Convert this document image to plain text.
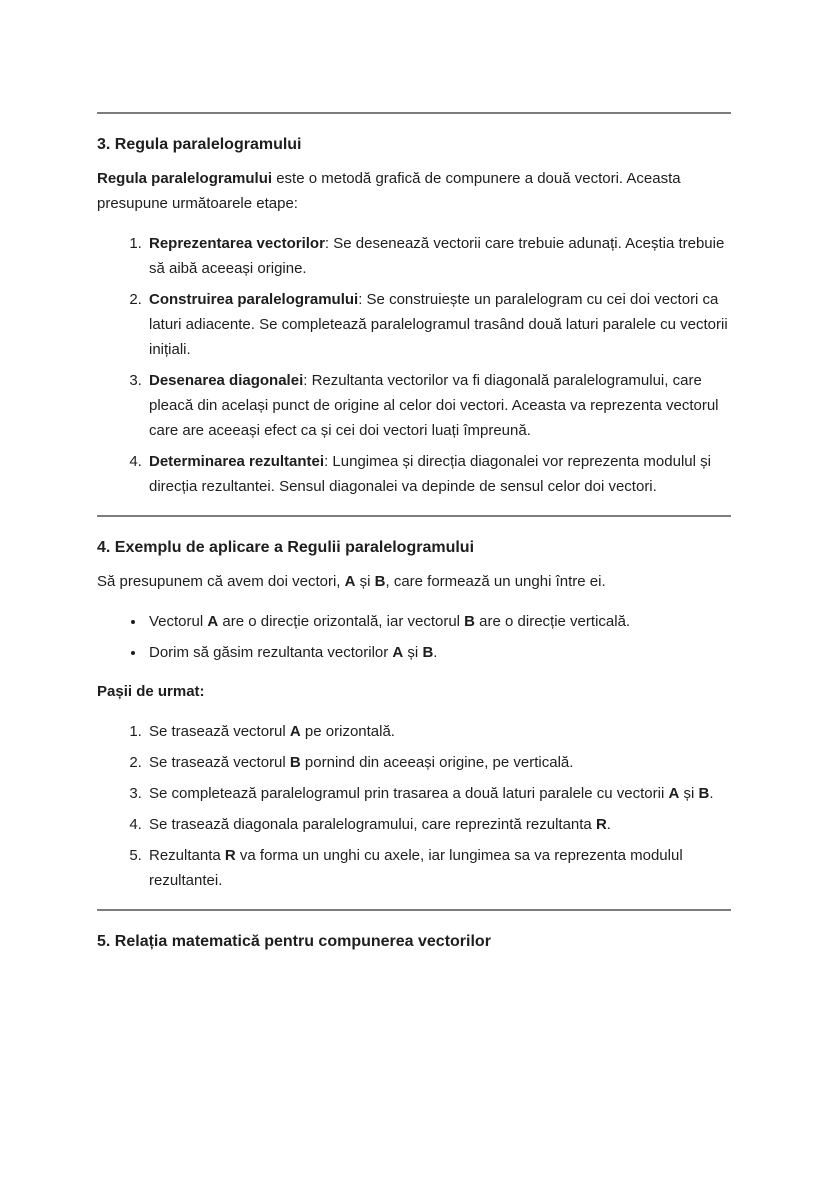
3. Regula paralelogramului

Regula paralelogramului este o metodă grafică de compunere a două vectori. Aceasta presupune următoarele etape:

1. Reprezentarea vectorilor: Se desenează vectorii care trebuie adunați. Aceștia trebuie să aibă aceeași origine.
2. Construirea paralelogramului: Se construiește un paralelogram cu cei doi vectori ca laturi adiacente. Se completează paralelogramul trasând două laturi paralele cu vectorii inițiali.
3. Desenarea diagonalei: Rezultanta vectorilor va fi diagonală paralelogramului, care pleacă din același punct de origine al celor doi vectori. Aceasta va reprezenta vectorul care are aceeași efect ca și cei doi vectori luați împreună.
4. Determinarea rezultantei: Lungimea și direcția diagonalei vor reprezenta modulul și direcția rezultantei. Sensul diagonalei va depinde de sensul celor doi vectori.
4. Exemplu de aplicare a Regulii paralelogramului

Să presupunem că avem doi vectori, A și B, care formează un unghi între ei.

• Vectorul A are o direcție orizontală, iar vectorul B are o direcție verticală.
• Dorim să găsim rezultanta vectorilor A și B.

Pașii de urmat:

1. Se trasează vectorul A pe orizontală.
2. Se trasează vectorul B pornind din aceeași origine, pe verticală.
3. Se completează paralelogramul prin trasarea a două laturi paralele cu vectorii A și B.
4. Se trasează diagonala paralelogramului, care reprezintă rezultanta R.
5. Rezultanta R va forma un unghi cu axele, iar lungimea sa va reprezenta modulul rezultantei.
5. Relația matematică pentru compunerea vectorilor
